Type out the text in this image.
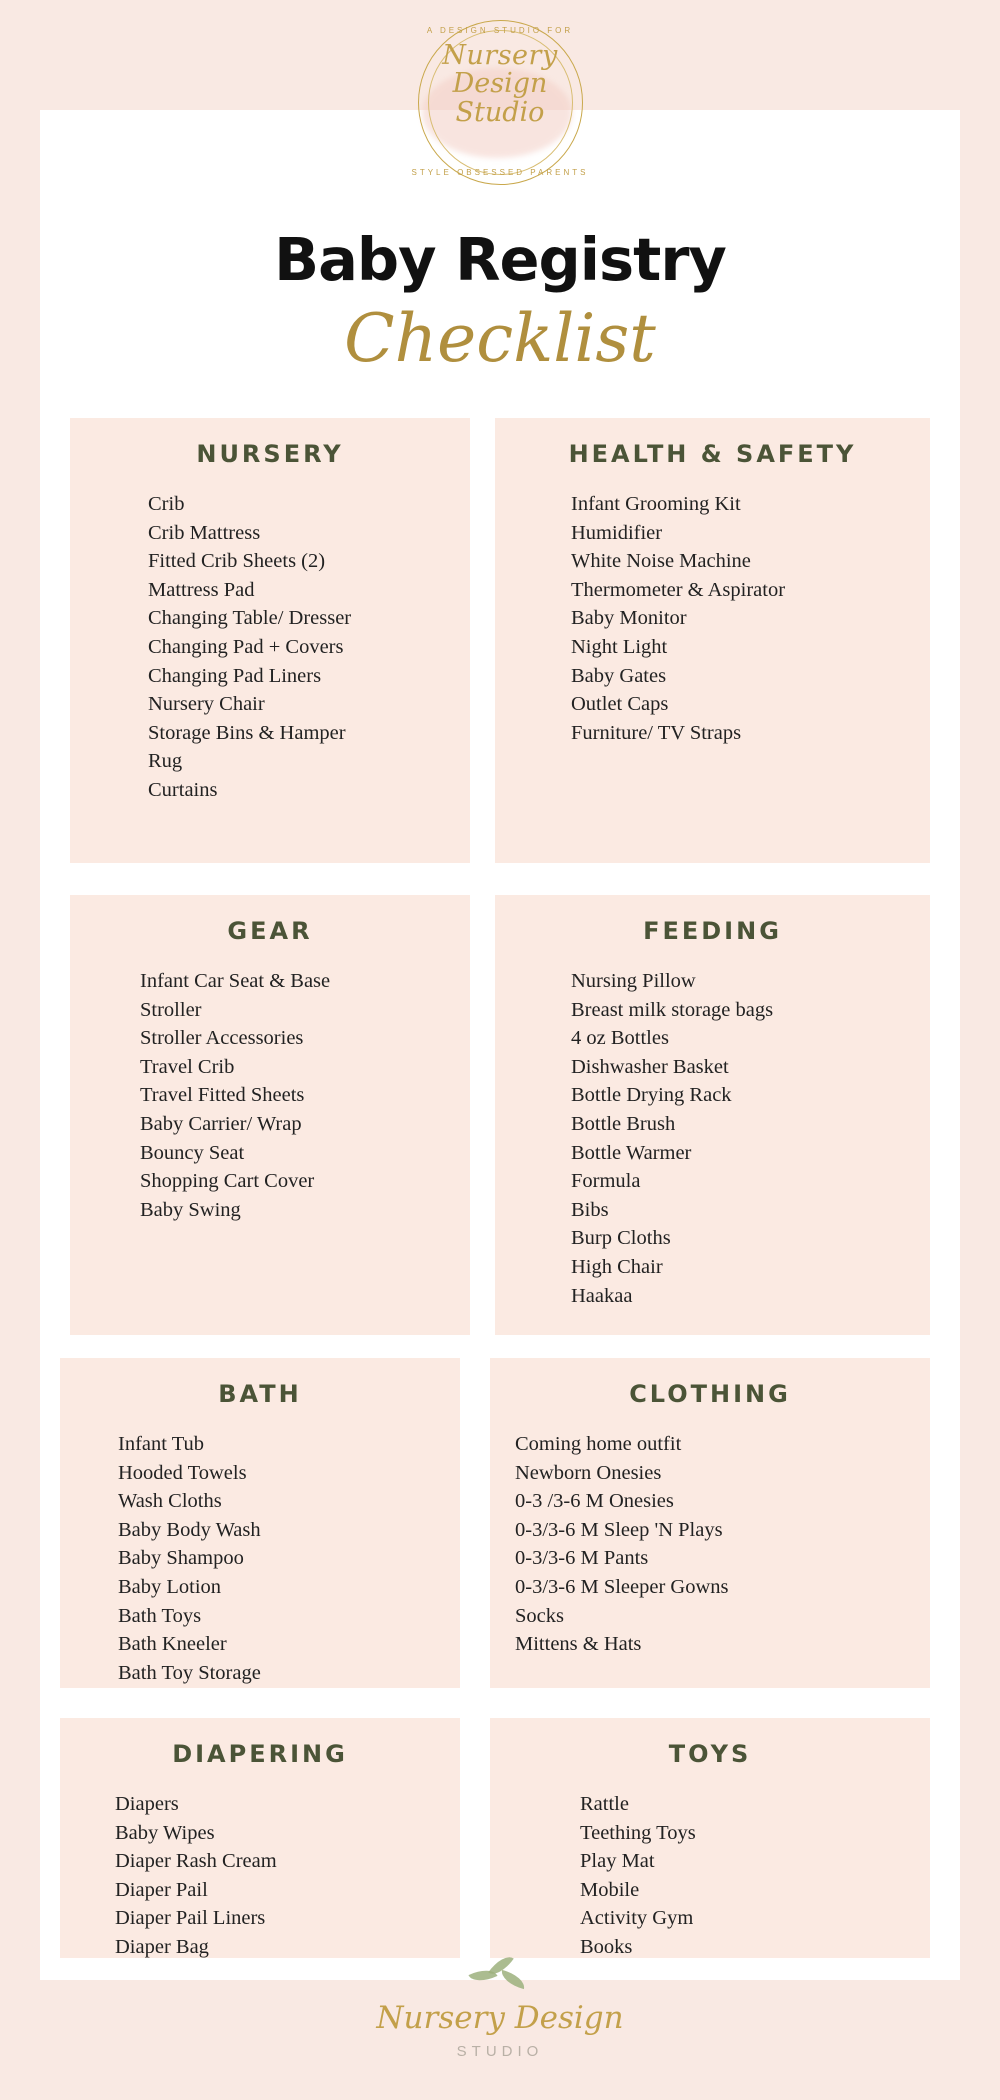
A DESIGN STUDIO FOR
Nursery
Design
Studio
STYLE OBSESSED PARENTS
Baby Registry
Checklist
NURSERY
Crib
Crib Mattress
Fitted Crib Sheets (2)
Mattress Pad
Changing Table/ Dresser
Changing Pad + Covers
Changing Pad Liners
Nursery Chair
Storage Bins & Hamper
Rug
Curtains
HEALTH & SAFETY
Infant Grooming Kit
Humidifier
White Noise Machine
Thermometer & Aspirator
Baby Monitor
Night Light
Baby Gates
Outlet Caps
Furniture/ TV Straps
GEAR
Infant Car Seat & Base
Stroller
Stroller Accessories
Travel Crib
Travel Fitted Sheets
Baby Carrier/ Wrap
Bouncy Seat
Shopping Cart Cover
Baby Swing
FEEDING
Nursing Pillow
Breast milk storage bags
4 oz Bottles
Dishwasher Basket
Bottle Drying Rack
Bottle Brush
Bottle Warmer
Formula
Bibs
Burp Cloths
High Chair
Haakaa
BATH
Infant Tub
Hooded Towels
Wash Cloths
Baby Body Wash
Baby Shampoo
Baby Lotion
Bath Toys
Bath Kneeler
Bath Toy Storage
CLOTHING
Coming home outfit
Newborn Onesies
0-3 /3-6 M Onesies
0-3/3-6 M Sleep 'N Plays
0-3/3-6 M Pants
0-3/3-6 M Sleeper Gowns
Socks
Mittens & Hats
DIAPERING
Diapers
Baby Wipes
Diaper Rash Cream
Diaper Pail
Diaper Pail Liners
Diaper Bag
TOYS
Rattle
Teething Toys
Play Mat
Mobile
Activity Gym
Books
Nursery Design
STUDIO
